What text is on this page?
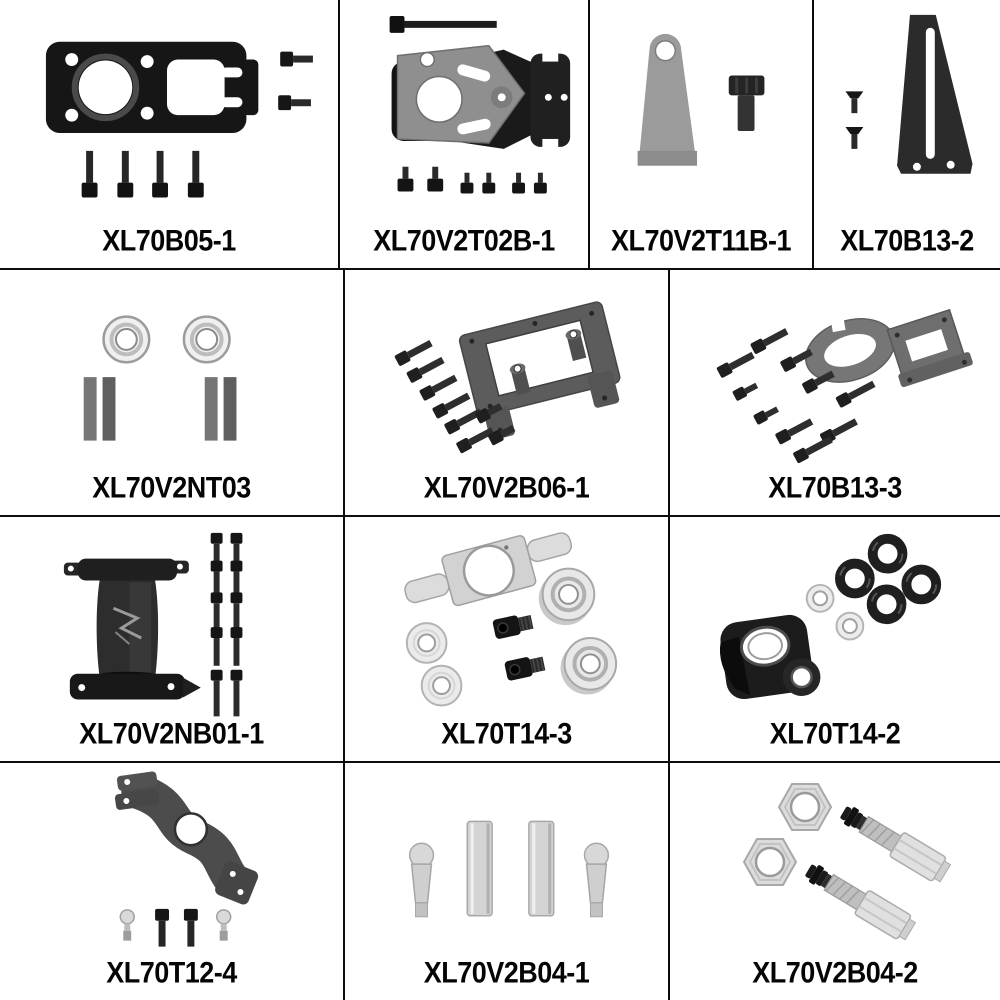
XL70B05-1	XL70V2T02B-1	XL70V2T11B-1	XL70B13-2
XL70V2NT03	XL70V2B06-1	XL70B13-3
XL70V2NB01-1	XL70T14-3	XL70T14-2
XL70T12-4	XL70V2B04-1	XL70V2B04-2
